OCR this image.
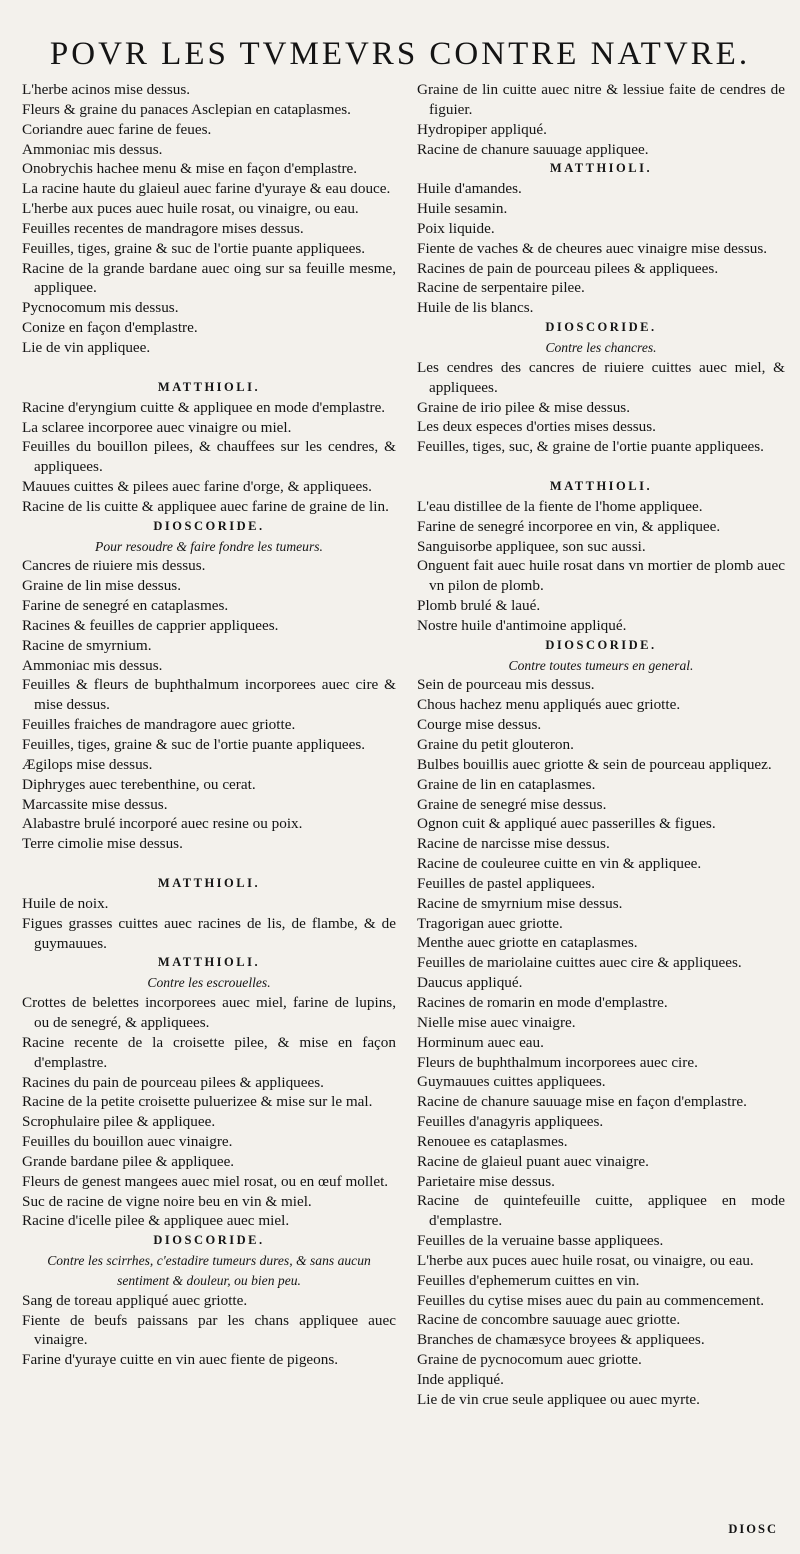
POVR LES TVMEVRS CONTRE NATVRE.
L'herbe acinos mise dessus.
Fleurs & graine du panaces Asclepian en cataplasmes.
Coriandre auec farine de feues.
Ammoniac mis dessus.
Onobrychis hachee menu & mise en façon d'emplastre.
La racine haute du glaieul auec farine d'yuraye & eau douce.
L'herbe aux puces auec huile rosat, ou vinaigre, ou eau.
Feuilles recentes de mandragore mises dessus.
Feuilles, tiges, graine & suc de l'ortie puante appliquees.
Racine de la grande bardane auec oing sur sa feuille mesme, appliquee.
Pycnocomum mis dessus.
Conize en façon d'emplastre.
Lie de vin appliquee.
MATTHIOLI.
Racine d'eryngium cuitte & appliquee en mode d'emplastre.
La sclaree incorporee auec vinaigre ou miel.
Feuilles du bouillon pilees, & chauffees sur les cendres, & appliquees.
Mauues cuittes & pilees auec farine d'orge, & appliquees.
Racine de lis cuitte & appliquee auec farine de graine de lin.
DIOSCORIDE.
Pour resoudre & faire fondre les tumeurs.
Cancres de riuiere mis dessus.
Graine de lin mise dessus.
Farine de senegré en cataplasmes.
Racines & feuilles de capprier appliquees.
Racine de smyrnium.
Ammoniac mis dessus.
Feuilles & fleurs de buphthalmum incorporees auec cire & mise dessus.
Feuilles fraiches de mandragore auec griotte.
Feuilles, tiges, graine & suc de l'ortie puante appliquees.
Ægilops mise dessus.
Diphryges auec terebenthine, ou cerat.
Marcassite mise dessus.
Alabastre brulé incorporé auec resine ou poix.
Terre cimolie mise dessus.
MATTHIOLI.
Huile de noix.
Figues grasses cuittes auec racines de lis, de flambe, & de guymauues.
MATTHIOLI.
Contre les escrouelles.
Crottes de belettes incorporees auec miel, farine de lupins, ou de senegré, & appliquees.
Racine recente de la croisette pilee, & mise en façon d'emplastre.
Racines du pain de pourceau pilees & appliquees.
Racine de la petite croisette puluerizee & mise sur le mal.
Scrophulaire pilee & appliquee.
Feuilles du bouillon auec vinaigre.
Grande bardane pilee & appliquee.
Fleurs de genest mangees auec miel rosat, ou en œuf mollet.
Suc de racine de vigne noire beu en vin & miel.
Racine d'icelle pilee & appliquee auec miel.
DIOSCORIDE.
Contre les scirrhes, c'estadire tumeurs dures, & sans aucun sentiment & douleur, ou bien peu.
Sang de toreau appliqué auec griotte.
Fiente de beufs paissans par les chans appliquee auec vinaigre.
Farine d'yuraye cuitte en vin auec fiente de pigeons.
Graine de lin cuitte auec nitre & lessiue faite de cendres de figuier.
Hydropiper appliqué.
Racine de chanure sauuage appliquee.
MATTHIOLI.
Huile d'amandes.
Huile sesamin.
Poix liquide.
Fiente de vaches & de cheures auec vinaigre mise dessus.
Racines de pain de pourceau pilees & appliquees.
Racine de serpentaire pilee.
Huile de lis blancs.
DIOSCORIDE.
Contre les chancres.
Les cendres des cancres de riuiere cuittes auec miel, & appliquees.
Graine de irio pilee & mise dessus.
Les deux especes d'orties mises dessus.
Feuilles, tiges, suc, & graine de l'ortie puante appliquees.
MATTHIOLI.
L'eau distillee de la fiente de l'home appliquee.
Farine de senegré incorporee en vin, & appliquee.
Sanguisorbe appliquee, son suc aussi.
Onguent fait auec huile rosat dans vn mortier de plomb auec vn pilon de plomb.
Plomb brulé & laué.
Nostre huile d'antimoine appliqué.
DIOSCORIDE.
Contre toutes tumeurs en general.
Sein de pourceau mis dessus.
Chous hachez menu appliqués auec griotte.
Courge mise dessus.
Graine du petit glouteron.
Bulbes bouillis auec griotte & sein de pourceau appliquez.
Graine de lin en cataplasmes.
Graine de senegré mise dessus.
Ognon cuit & appliqué auec passerilles & figues.
Racine de narcisse mise dessus.
Racine de couleuree cuitte en vin & appliquee.
Feuilles de pastel appliquees.
Racine de smyrnium mise dessus.
Tragorigan auec griotte.
Menthe auec griotte en cataplasmes.
Feuilles de mariolaine cuittes auec cire & appliquees.
Daucus appliqué.
Racines de romarin en mode d'emplastre.
Nielle mise auec vinaigre.
Horminum auec eau.
Fleurs de buphthalmum incorporees auec cire.
Guymauues cuittes appliquees.
Racine de chanure sauuage mise en façon d'emplastre.
Feuilles d'anagyris appliquees.
Renouee es cataplasmes.
Racine de glaieul puant auec vinaigre.
Parietaire mise dessus.
Racine de quintefeuille cuitte, appliquee en mode d'emplastre.
Feuilles de la veruaine basse appliquees.
L'herbe aux puces auec huile rosat, ou vinaigre, ou eau.
Feuilles d'ephemerum cuittes en vin.
Feuilles du cytise mises auec du pain au commencement.
Racine de concombre sauuage auec griotte.
Branches de chamæsyce broyees & appliquees.
Graine de pycnocomum auec griotte.
Inde appliqué.
Lie de vin crue seule appliquee ou auec myrte.
DIOSC
